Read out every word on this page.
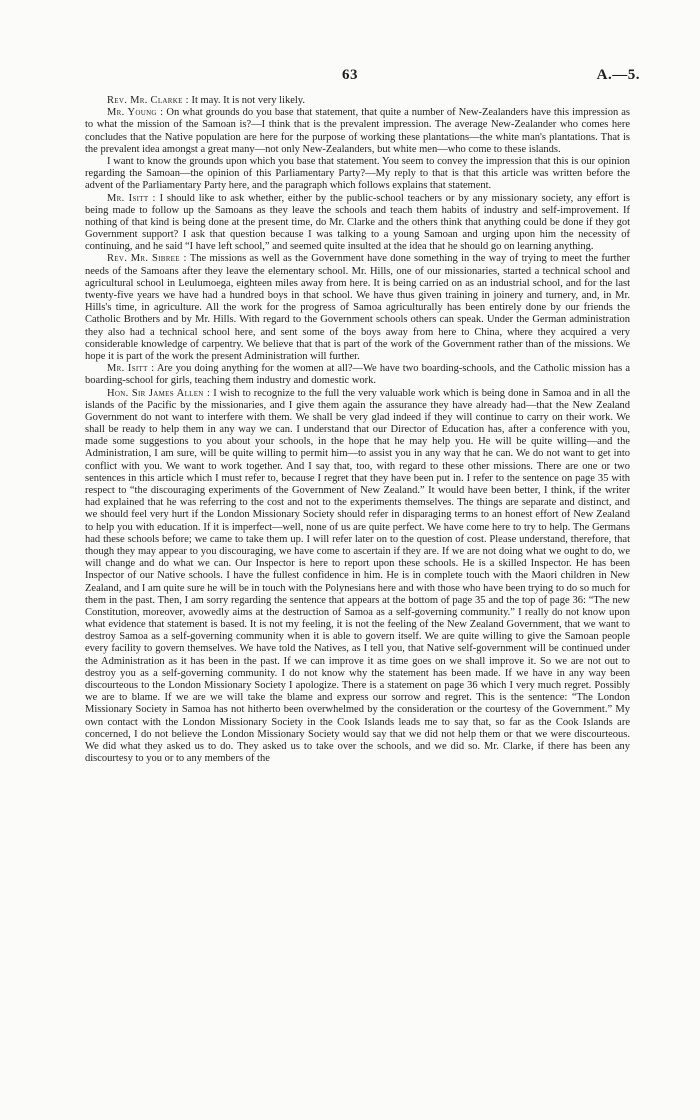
63	A.—5.

Rev. Mr. Clarke : It may. It is not very likely.

Mr. Young : On what grounds do you base that statement, that quite a number of New-Zealanders have this impression as to what the mission of the Samoan is?—I think that is the prevalent impression. The average New-Zealander who comes here concludes that the Native population are here for the purpose of working these plantations—the white man's plantations. That is the prevalent idea amongst a great many—not only New-Zealanders, but white men—who come to these islands.

I want to know the grounds upon which you base that statement. You seem to convey the impression that this is our opinion regarding the Samoan—the opinion of this Parliamentary Party?—My reply to that is that this article was written before the advent of the Parliamentary Party here, and the paragraph which follows explains that statement.

Mr. Isitt : I should like to ask whether, either by the public-school teachers or by any missionary society, any effort is being made to follow up the Samoans as they leave the schools and teach them habits of industry and self-improvement. If nothing of that kind is being done at the present time, do Mr. Clarke and the others think that anything could be done if they got Government support? I ask that question because I was talking to a young Samoan and urging upon him the necessity of continuing, and he said “I have left school,” and seemed quite insulted at the idea that he should go on learning anything.

Rev. Mr. Sibree : The missions as well as the Government have done something in the way of trying to meet the further needs of the Samoans after they leave the elementary school. Mr. Hills, one of our missionaries, started a technical school and agricultural school in Leulumoega, eighteen miles away from here. It is being carried on as an industrial school, and for the last twenty-five years we have had a hundred boys in that school. We have thus given training in joinery and turnery, and, in Mr. Hills's time, in agriculture. All the work for the progress of Samoa agriculturally has been entirely done by our friends the Catholic Brothers and by Mr. Hills. With regard to the Government schools others can speak. Under the German administration they also had a technical school here, and sent some of the boys away from here to China, where they acquired a very considerable knowledge of carpentry. We believe that that is part of the work of the Government rather than of the missions. We hope it is part of the work the present Administration will further.

Mr. Isitt : Are you doing anything for the women at all?—We have two boarding-schools, and the Catholic mission has a boarding-school for girls, teaching them industry and domestic work.

Hon. Sir James Allen : I wish to recognize to the full the very valuable work which is being done in Samoa and in all the islands of the Pacific by the missionaries, and I give them again the assurance they have already had—that the New Zealand Government do not want to interfere with them. We shall be very glad indeed if they will continue to carry on their work. We shall be ready to help them in any way we can. I understand that our Director of Education has, after a conference with you, made some suggestions to you about your schools, in the hope that he may help you. He will be quite willing—and the Administration, I am sure, will be quite willing to permit him—to assist you in any way that he can. We do not want to get into conflict with you. We want to work together. And I say that, too, with regard to these other missions. There are one or two sentences in this article which I must refer to, because I regret that they have been put in. I refer to the sentence on page 35 with respect to “the discouraging experiments of the Government of New Zealand.” It would have been better, I think, if the writer had explained that he was referring to the cost and not to the experiments themselves. The things are separate and distinct, and we should feel very hurt if the London Missionary Society should refer in disparaging terms to an honest effort of New Zealand to help you with education. If it is imperfect—well, none of us are quite perfect. We have come here to try to help. The Germans had these schools before; we came to take them up. I will refer later on to the question of cost. Please understand, therefore, that though they may appear to you discouraging, we have come to ascertain if they are. If we are not doing what we ought to do, we will change and do what we can. Our Inspector is here to report upon these schools. He is a skilled Inspector. He has been Inspector of our Native schools. I have the fullest confidence in him. He is in complete touch with the Maori children in New Zealand, and I am quite sure he will be in touch with the Polynesians here and with those who have been trying to do so much for them in the past. Then, I am sorry regarding the sentence that appears at the bottom of page 35 and the top of page 36: “The new Constitution, moreover, avowedly aims at the destruction of Samoa as a self-governing community.” I really do not know upon what evidence that statement is based. It is not my feeling, it is not the feeling of the New Zealand Government, that we want to destroy Samoa as a self-governing community when it is able to govern itself. We are quite willing to give the Samoan people every facility to govern themselves. We have told the Natives, as I tell you, that Native self-government will be continued under the Administration as it has been in the past. If we can improve it as time goes on we shall improve it. So we are not out to destroy you as a self-governing community. I do not know why the statement has been made. If we have in any way been discourteous to the London Missionary Society I apologize. There is a statement on page 36 which I very much regret. Possibly we are to blame. If we are we will take the blame and express our sorrow and regret. This is the sentence: “The London Missionary Society in Samoa has not hitherto been overwhelmed by the consideration or the courtesy of the Government.” My own contact with the London Missionary Society in the Cook Islands leads me to say that, so far as the Cook Islands are concerned, I do not believe the London Missionary Society would say that we did not help them or that we were discourteous. We did what they asked us to do. They asked us to take over the schools, and we did so. Mr. Clarke, if there has been any discourtesy to you or to any members of the
